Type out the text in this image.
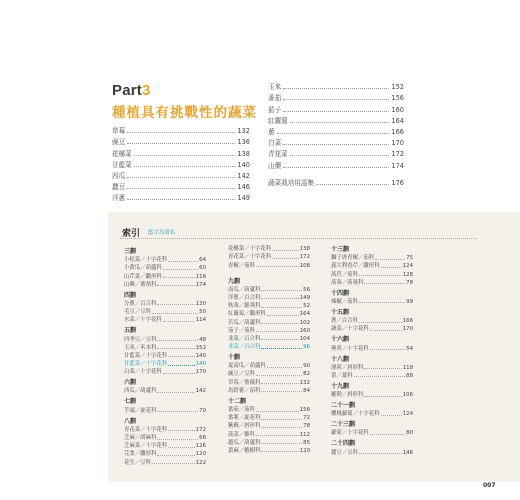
Part3
種植具有挑戰性的蔬菜
草莓	132
豌豆	136
花椰菜	138
甘藍菜	140
西瓜	142
蠶豆	146
洋蔥	149
玉米	152
番茄	156
茄子	160
紅蘿蔔	164
蔥	166
白菜	170
青花菜	172
山藥	174
蔬菜栽培用語集	176
索引 藍字為別名
三劃
小松菜／十字花科	64
小黃瓜／葫蘆科	60
山芹菜／繖形科	116
山藥／薯蕷科	174
四劃
分蔥／百合科	130
毛豆／豆科	50
水菜／十字花科	114
五劃
四季豆／豆科	48
玉米／禾本科	152
甘藍菜／十字花科	140
甘藍菜／十字花科	140
白菜／十字花科	170
六劃
西瓜／葫蘆科	142
七劃
芋頭／旋花科	70
八劃
青花菜／十字花科	172
芝麻／胡麻科	66
芝麻菜／十字花科	126
芫荽／繖形科	120
花生／豆科	122
花椰菜／十字花科	138
青花菜／十字花科	172
青椒／茄科	108
九劃
南瓜／葫蘆科	56
洋蔥／百合科	149
秋葵／錦葵科	52
紅蘿蔔／繖形科	164
苦瓜／葫蘆科	102
茄子／茄科	160
韭菜／百合科	104
韭菜／百合科	96
十劃
夏南瓜／葫蘆科	90
豌豆／豆科	82
草莓／薔薇科	132
馬鈴薯／茄科	84
十二劃
番茄／茄科	156
番薯／旋花科	72
紫蘇／唇形科	78
菠菜／藜科	112
越瓜／葫蘆科	85
黃麻／椴樹科	120
十三劃
獅子唐青椒／茄科	75
義大利香芹／繖形科	124
萵苣／菊科	128
落葵／落葵科	78
十四劃
辣椒／茄科	99
十五劃
蔥／百合科	166
蔬菜／十字花科	170
十六劃
蕪菁／十字花科	54
十八劃
薄荷／唇形科	118
蕾／薑科	88
十九劃
羅勒／唇形科	106
二十一劃
櫻桃蘿蔔／十字花科	124
二十三劃
蘿蔔／十字花科	80
二十四劃
蠶豆／豆科	146
007
